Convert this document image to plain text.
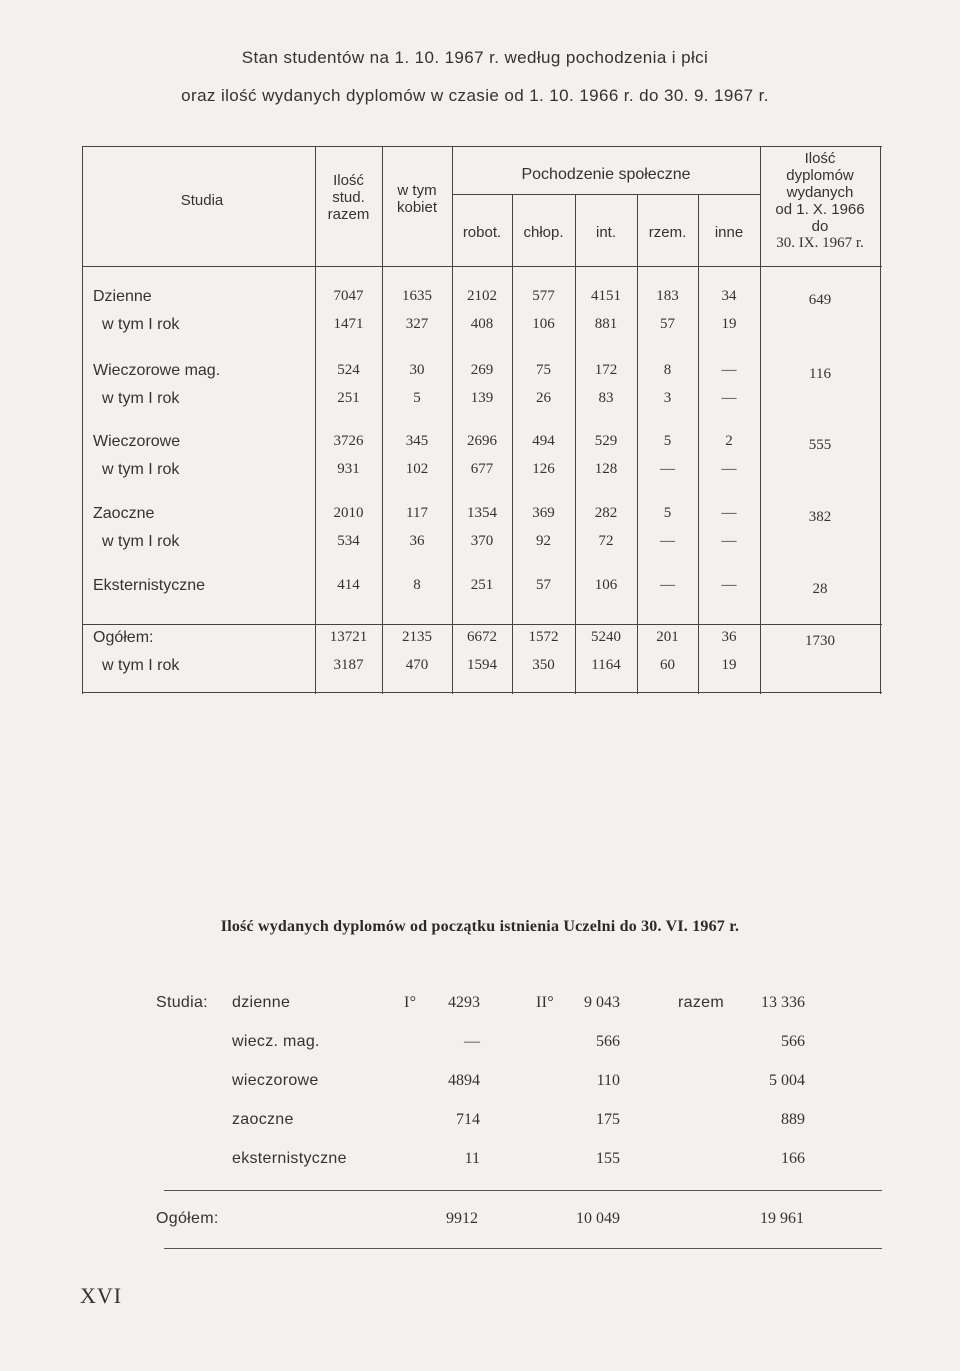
Stan studentów na 1. 10. 1967 r. według pochodzenia i płci
oraz ilość wydanych dyplomów w czasie od 1. 10. 1966 r. do 30. 9. 1967 r.
Studia
Ilość
stud.
razem
w tym
kobiet
Pochodzenie społeczne
robot.	chłop.	int.	rzem.	inne
Ilość
dyplomów
wydanych
od 1. X. 1966
do
30. IX. 1967 r.
Dzienne	7047	1635	2102	577	4151	183	34	649
w tym I rok	1471	327	408	106	881	57	19
Wieczorowe mag.	524	30	269	75	172	8	—	116
w tym I rok	251	5	139	26	83	3	—
Wieczorowe	3726	345	2696	494	529	5	2	555
w tym I rok	931	102	677	126	128	—	—
Zaoczne	2010	117	1354	369	282	5	—	382
w tym I rok	534	36	370	92	72	—	—
Eksternistyczne	414	8	251	57	106	—	—	28
Ogółem:	13721	2135	6672	1572	5240	201	36	1730
w tym I rok	3187	470	1594	350	1164	60	19
Ilość wydanych dyplomów od początku istnienia Uczelni do 30. VI. 1967 r.
Studia:	I°	II°	razem
dzienne	4293	9 043	13 336
wiecz. mag.	—	566	566
wieczorowe	4894	110	5 004
zaoczne	714	175	889
eksternistyczne	11	155	166
Ogółem:	9912	10 049	19 961
XVI
